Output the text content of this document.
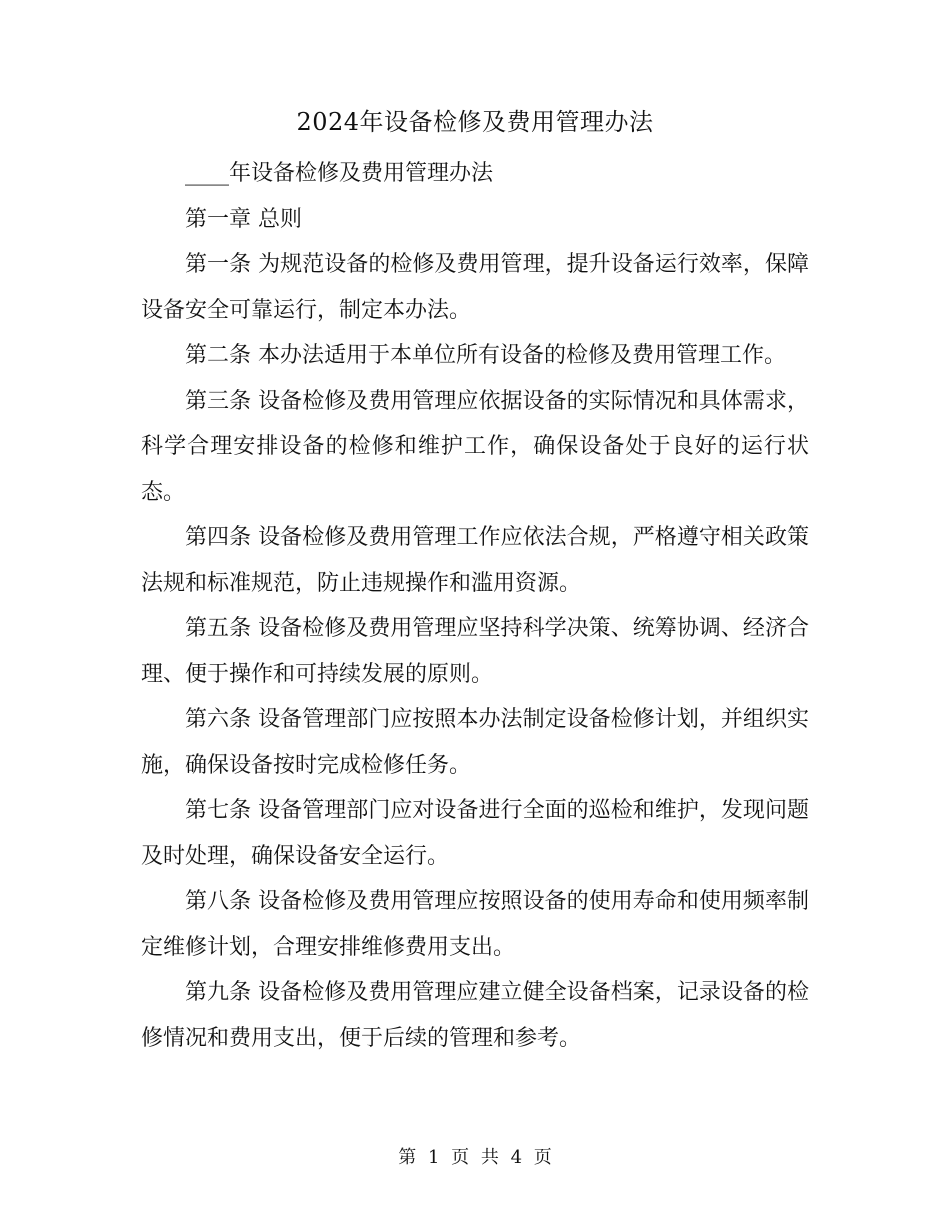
2024年设备检修及费用管理办法

____年设备检修及费用管理办法

第一章 总则

第一条 为规范设备的检修及费用管理，提升设备运行效率，保障设备安全可靠运行，制定本办法。

第二条 本办法适用于本单位所有设备的检修及费用管理工作。

第三条 设备检修及费用管理应依据设备的实际情况和具体需求，科学合理安排设备的检修和维护工作，确保设备处于良好的运行状态。

第四条 设备检修及费用管理工作应依法合规，严格遵守相关政策法规和标准规范，防止违规操作和滥用资源。

第五条 设备检修及费用管理应坚持科学决策、统筹协调、经济合理、便于操作和可持续发展的原则。

第六条 设备管理部门应按照本办法制定设备检修计划，并组织实施，确保设备按时完成检修任务。

第七条 设备管理部门应对设备进行全面的巡检和维护，发现问题及时处理，确保设备安全运行。

第八条 设备检修及费用管理应按照设备的使用寿命和使用频率制定维修计划，合理安排维修费用支出。

第九条 设备检修及费用管理应建立健全设备档案，记录设备的检修情况和费用支出，便于后续的管理和参考。

第 1 页 共 4 页
